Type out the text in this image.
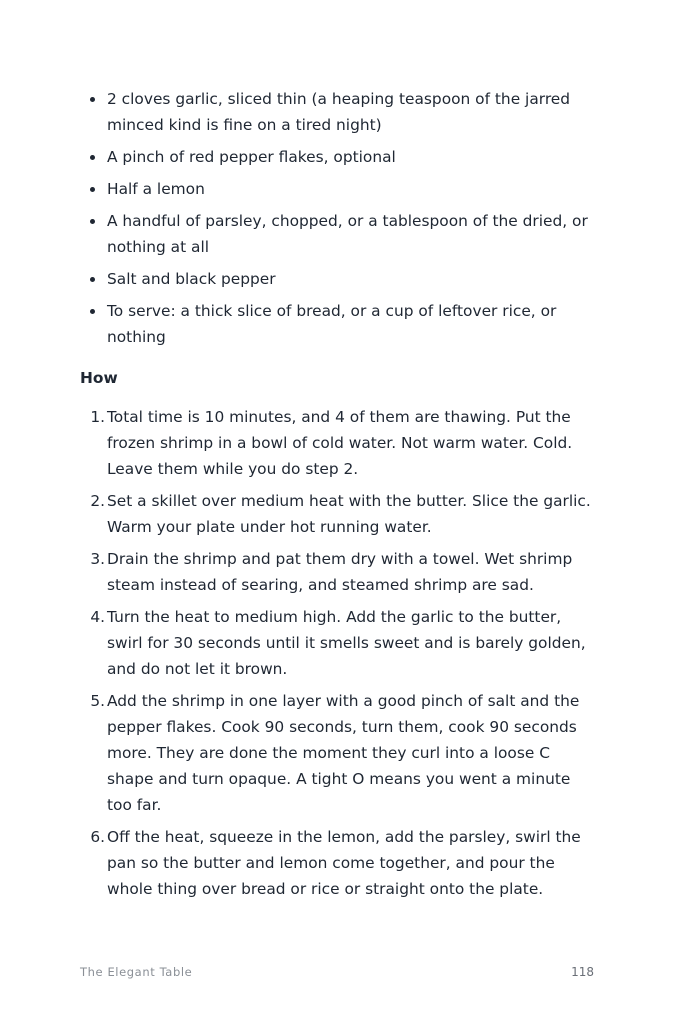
2 cloves garlic, sliced thin (a heaping teaspoon of the jarred minced kind is fine on a tired night)
A pinch of red pepper flakes, optional
Half a lemon
A handful of parsley, chopped, or a tablespoon of the dried, or nothing at all
Salt and black pepper
To serve: a thick slice of bread, or a cup of leftover rice, or nothing
How
1. Total time is 10 minutes, and 4 of them are thawing. Put the frozen shrimp in a bowl of cold water. Not warm water. Cold. Leave them while you do step 2.
2. Set a skillet over medium heat with the butter. Slice the garlic. Warm your plate under hot running water.
3. Drain the shrimp and pat them dry with a towel. Wet shrimp steam instead of searing, and steamed shrimp are sad.
4. Turn the heat to medium high. Add the garlic to the butter, swirl for 30 seconds until it smells sweet and is barely golden, and do not let it brown.
5. Add the shrimp in one layer with a good pinch of salt and the pepper flakes. Cook 90 seconds, turn them, cook 90 seconds more. They are done the moment they curl into a loose C shape and turn opaque. A tight O means you went a minute too far.
6. Off the heat, squeeze in the lemon, add the parsley, swirl the pan so the butter and lemon come together, and pour the whole thing over bread or rice or straight onto the plate.
The Elegant Table	118
